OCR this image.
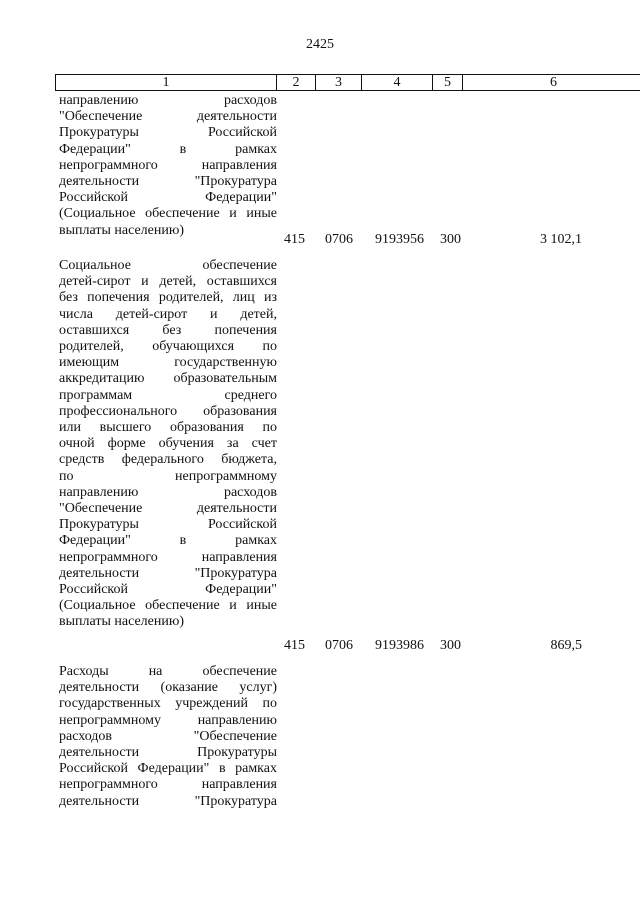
2425
1	2	3	4	5	6
направлению расходов
"Обеспечение деятельности
Прокуратуры Российской
Федерации" в рамках
непрограммного направления
деятельности "Прокуратура
Российской Федерации"
(Социальное обеспечение и иные
выплаты населению)
415 0706 9193956 300	3 102,1
Социальное обеспечение
детей-сирот и детей, оставшихся
без попечения родителей, лиц из
числа детей-сирот и детей,
оставшихся без попечения
родителей, обучающихся по
имеющим государственную
аккредитацию образовательным
программам среднего
профессионального образования
или высшего образования по
очной форме обучения за счет
средств федерального бюджета,
по непрограммному
направлению расходов
"Обеспечение деятельности
Прокуратуры Российской
Федерации" в рамках
непрограммного направления
деятельности "Прокуратура
Российской Федерации"
(Социальное обеспечение и иные
выплаты населению)
415 0706 9193986 300	869,5
Расходы на обеспечение
деятельности (оказание услуг)
государственных учреждений по
непрограммному направлению
расходов "Обеспечение
деятельности Прокуратуры
Российской Федерации" в рамках
непрограммного направления
деятельности "Прокуратура
